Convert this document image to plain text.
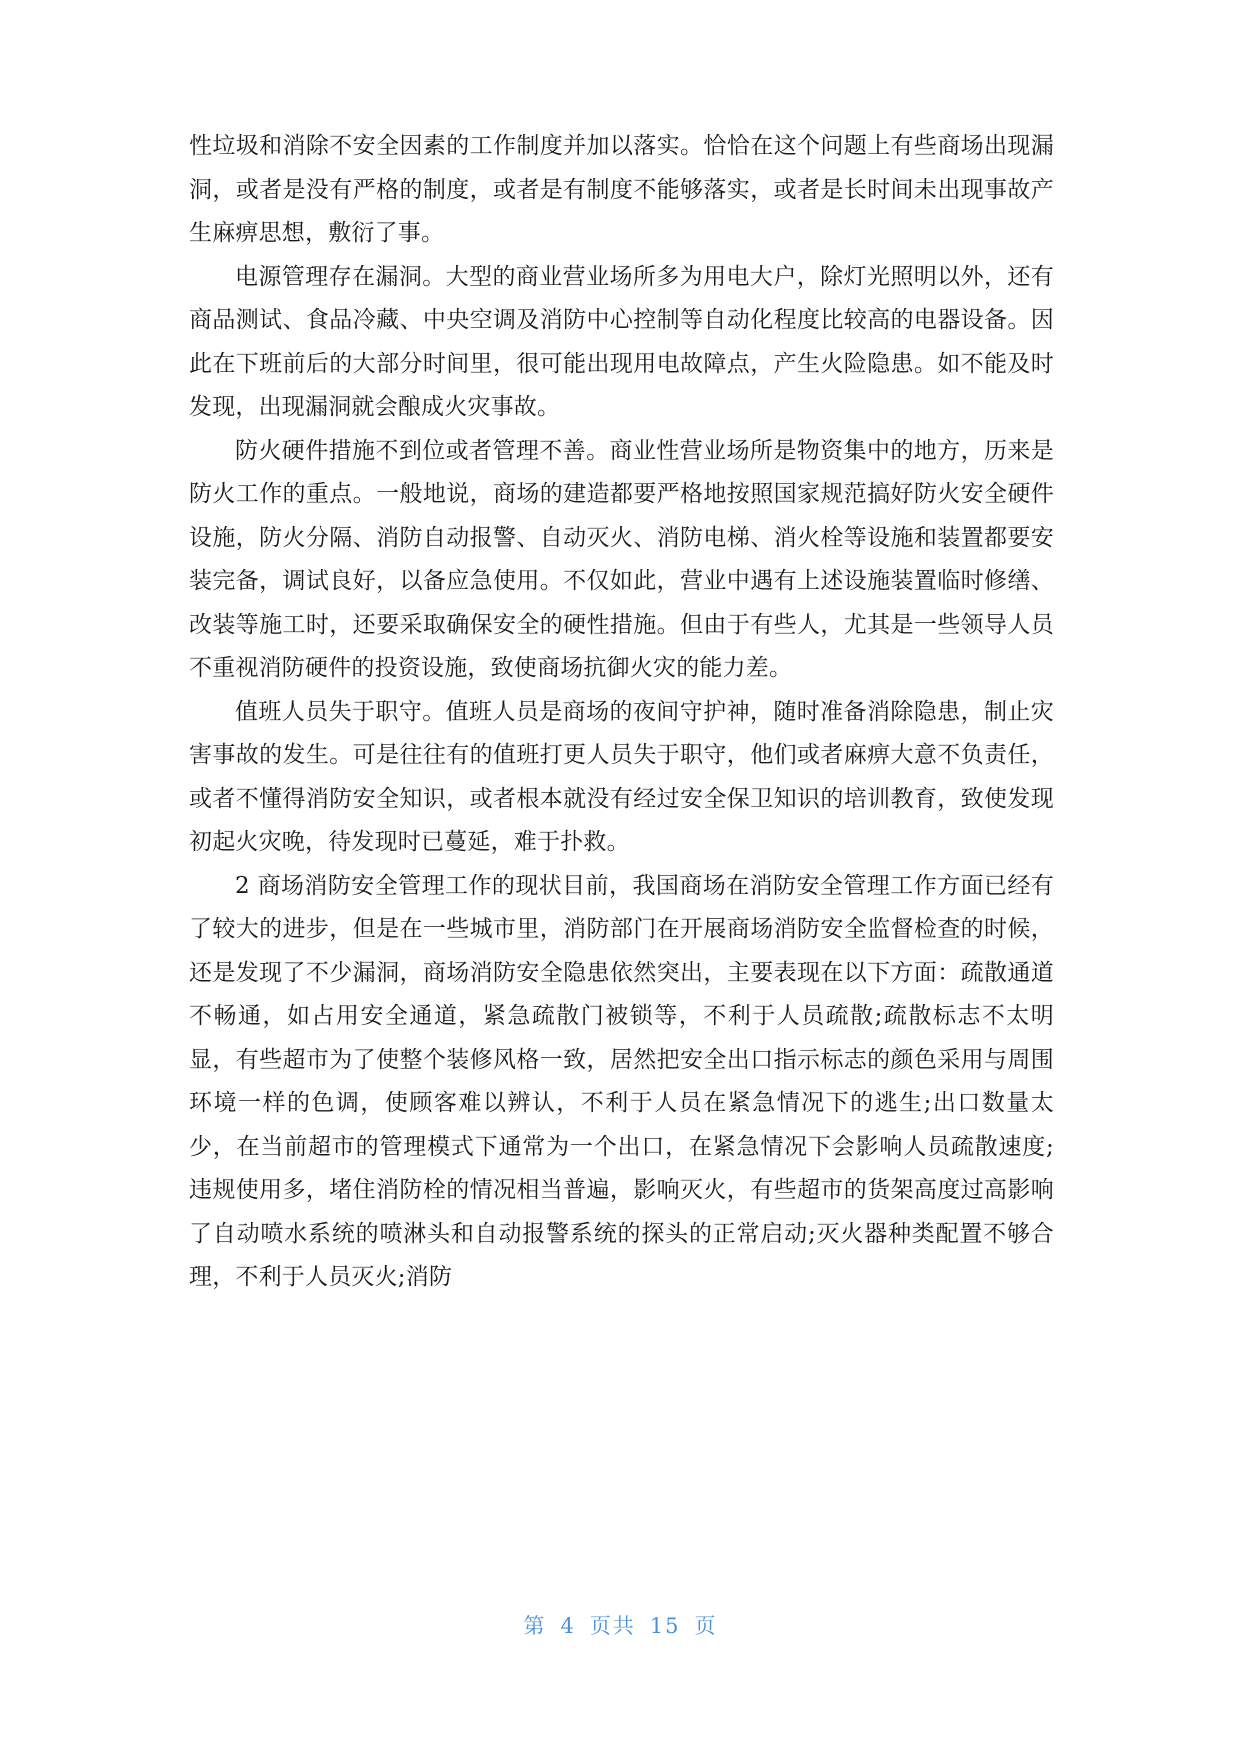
性垃圾和消除不安全因素的工作制度并加以落实。恰恰在这个问题上有些商场出现漏洞，或者是没有严格的制度，或者是有制度不能够落实，或者是长时间未出现事故产生麻痹思想，敷衍了事。

电源管理存在漏洞。大型的商业营业场所多为用电大户，除灯光照明以外，还有商品测试、食品冷藏、中央空调及消防中心控制等自动化程度比较高的电器设备。因此在下班前后的大部分时间里，很可能出现用电故障点，产生火险隐患。如不能及时发现，出现漏洞就会酿成火灾事故。

防火硬件措施不到位或者管理不善。商业性营业场所是物资集中的地方，历来是防火工作的重点。一般地说，商场的建造都要严格地按照国家规范搞好防火安全硬件设施，防火分隔、消防自动报警、自动灭火、消防电梯、消火栓等设施和装置都要安装完备，调试良好，以备应急使用。不仅如此，营业中遇有上述设施装置临时修缮、改装等施工时，还要采取确保安全的硬性措施。但由于有些人，尤其是一些领导人员不重视消防硬件的投资设施，致使商场抗御火灾的能力差。

值班人员失于职守。值班人员是商场的夜间守护神，随时准备消除隐患，制止灾害事故的发生。可是往往有的值班打更人员失于职守，他们或者麻痹大意不负责任，或者不懂得消防安全知识，或者根本就没有经过安全保卫知识的培训教育，致使发现初起火灾晚，待发现时已蔓延，难于扑救。

2 商场消防安全管理工作的现状目前，我国商场在消防安全管理工作方面已经有了较大的进步，但是在一些城市里，消防部门在开展商场消防安全监督检查的时候，还是发现了不少漏洞，商场消防安全隐患依然突出，主要表现在以下方面：疏散通道不畅通，如占用安全通道，紧急疏散门被锁等，不利于人员疏散;疏散标志不太明显，有些超市为了使整个装修风格一致，居然把安全出口指示标志的颜色采用与周围环境一样的色调，使顾客难以辨认，不利于人员在紧急情况下的逃生;出口数量太少，在当前超市的管理模式下通常为一个出口，在紧急情况下会影响人员疏散速度;违规使用多，堵住消防栓的情况相当普遍，影响灭火，有些超市的货架高度过高影响了自动喷水系统的喷淋头和自动报警系统的探头的正常启动;灭火器种类配置不够合理，不利于人员灭火;消防

第 4 页共 15 页
